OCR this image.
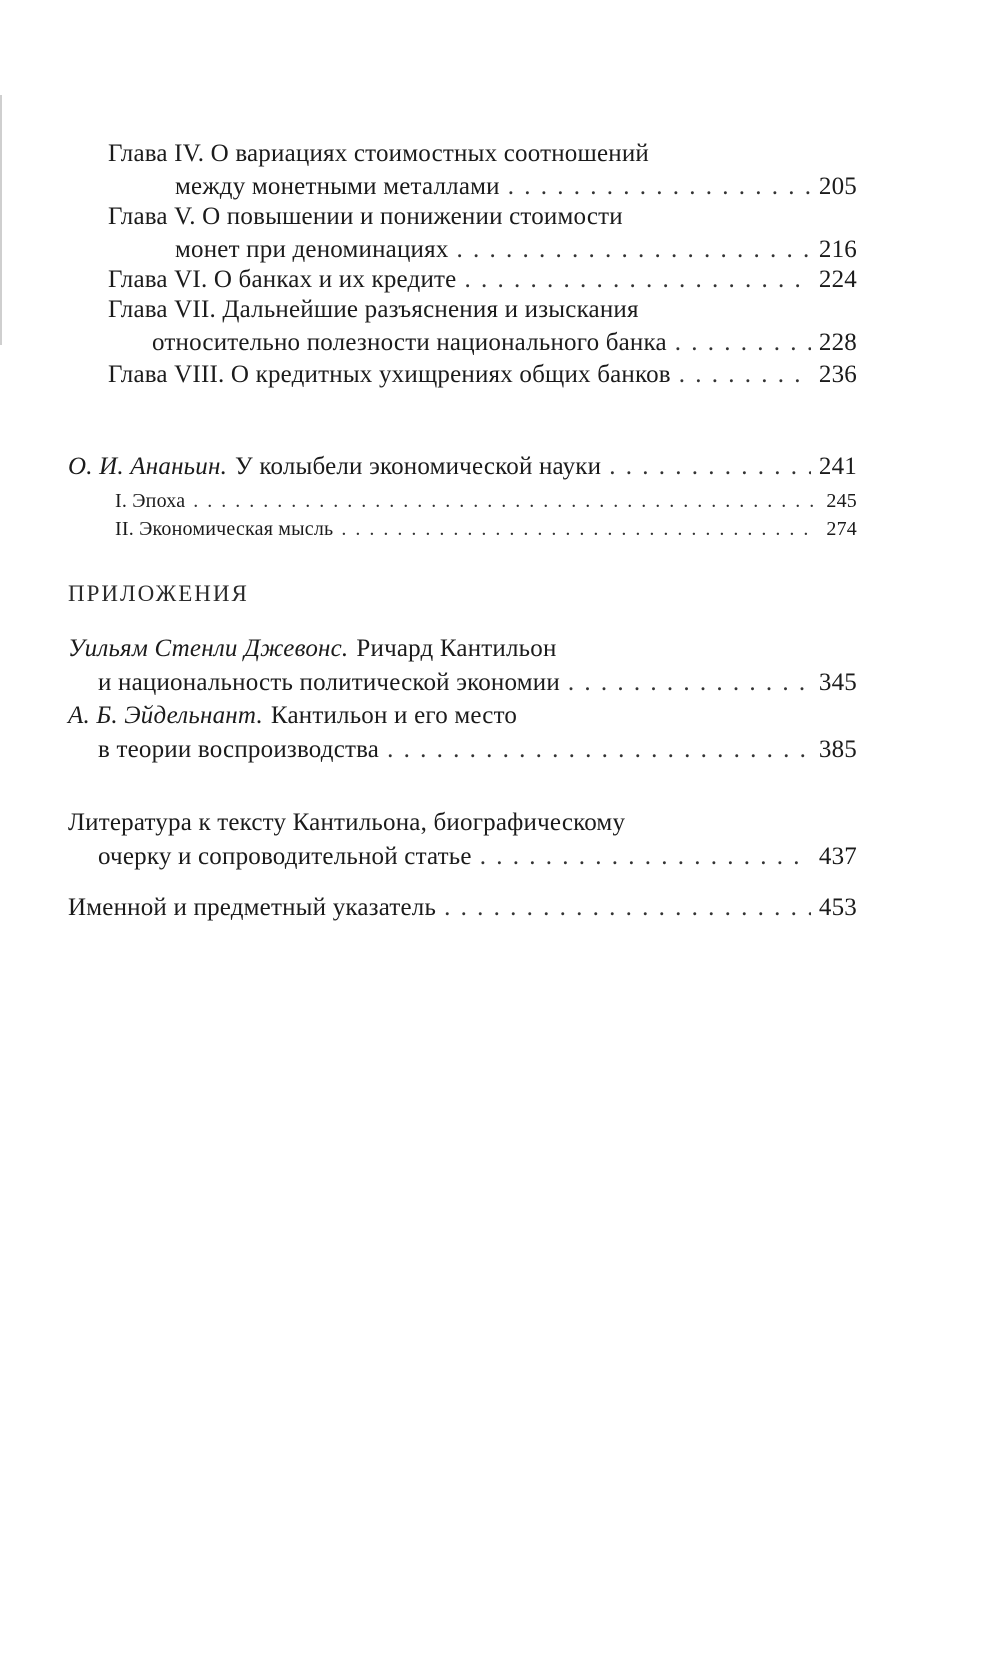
Глава IV. О вариациях стоимостных соотношений
между монетными металлами . . .	205
Глава V. О повышении и понижении стоимости
монет при деноминациях . . .	216
Глава VI. О банках и их кредите . . .	224
Глава VII. Дальнейшие разъяснения и изыскания
относительно полезности национального банка . . .	228
Глава VIII. О кредитных ухищрениях общих банков . . .	236
О. И. Ананьин. У колыбели экономической науки . . .	241
I. Эпоха . . .	245
II. Экономическая мысль . . .	274
ПРИЛОЖЕНИЯ
Уильям Стенли Джевонс. Ричард Кантильон
и национальность политической экономии . . .	345
А. Б. Эйдельнант. Кантильон и его место
в теории воспроизводства . . .	385
Литература к тексту Кантильона, биографическому
очерку и сопроводительной статье . . .	437
Именной и предметный указатель . . .	453
